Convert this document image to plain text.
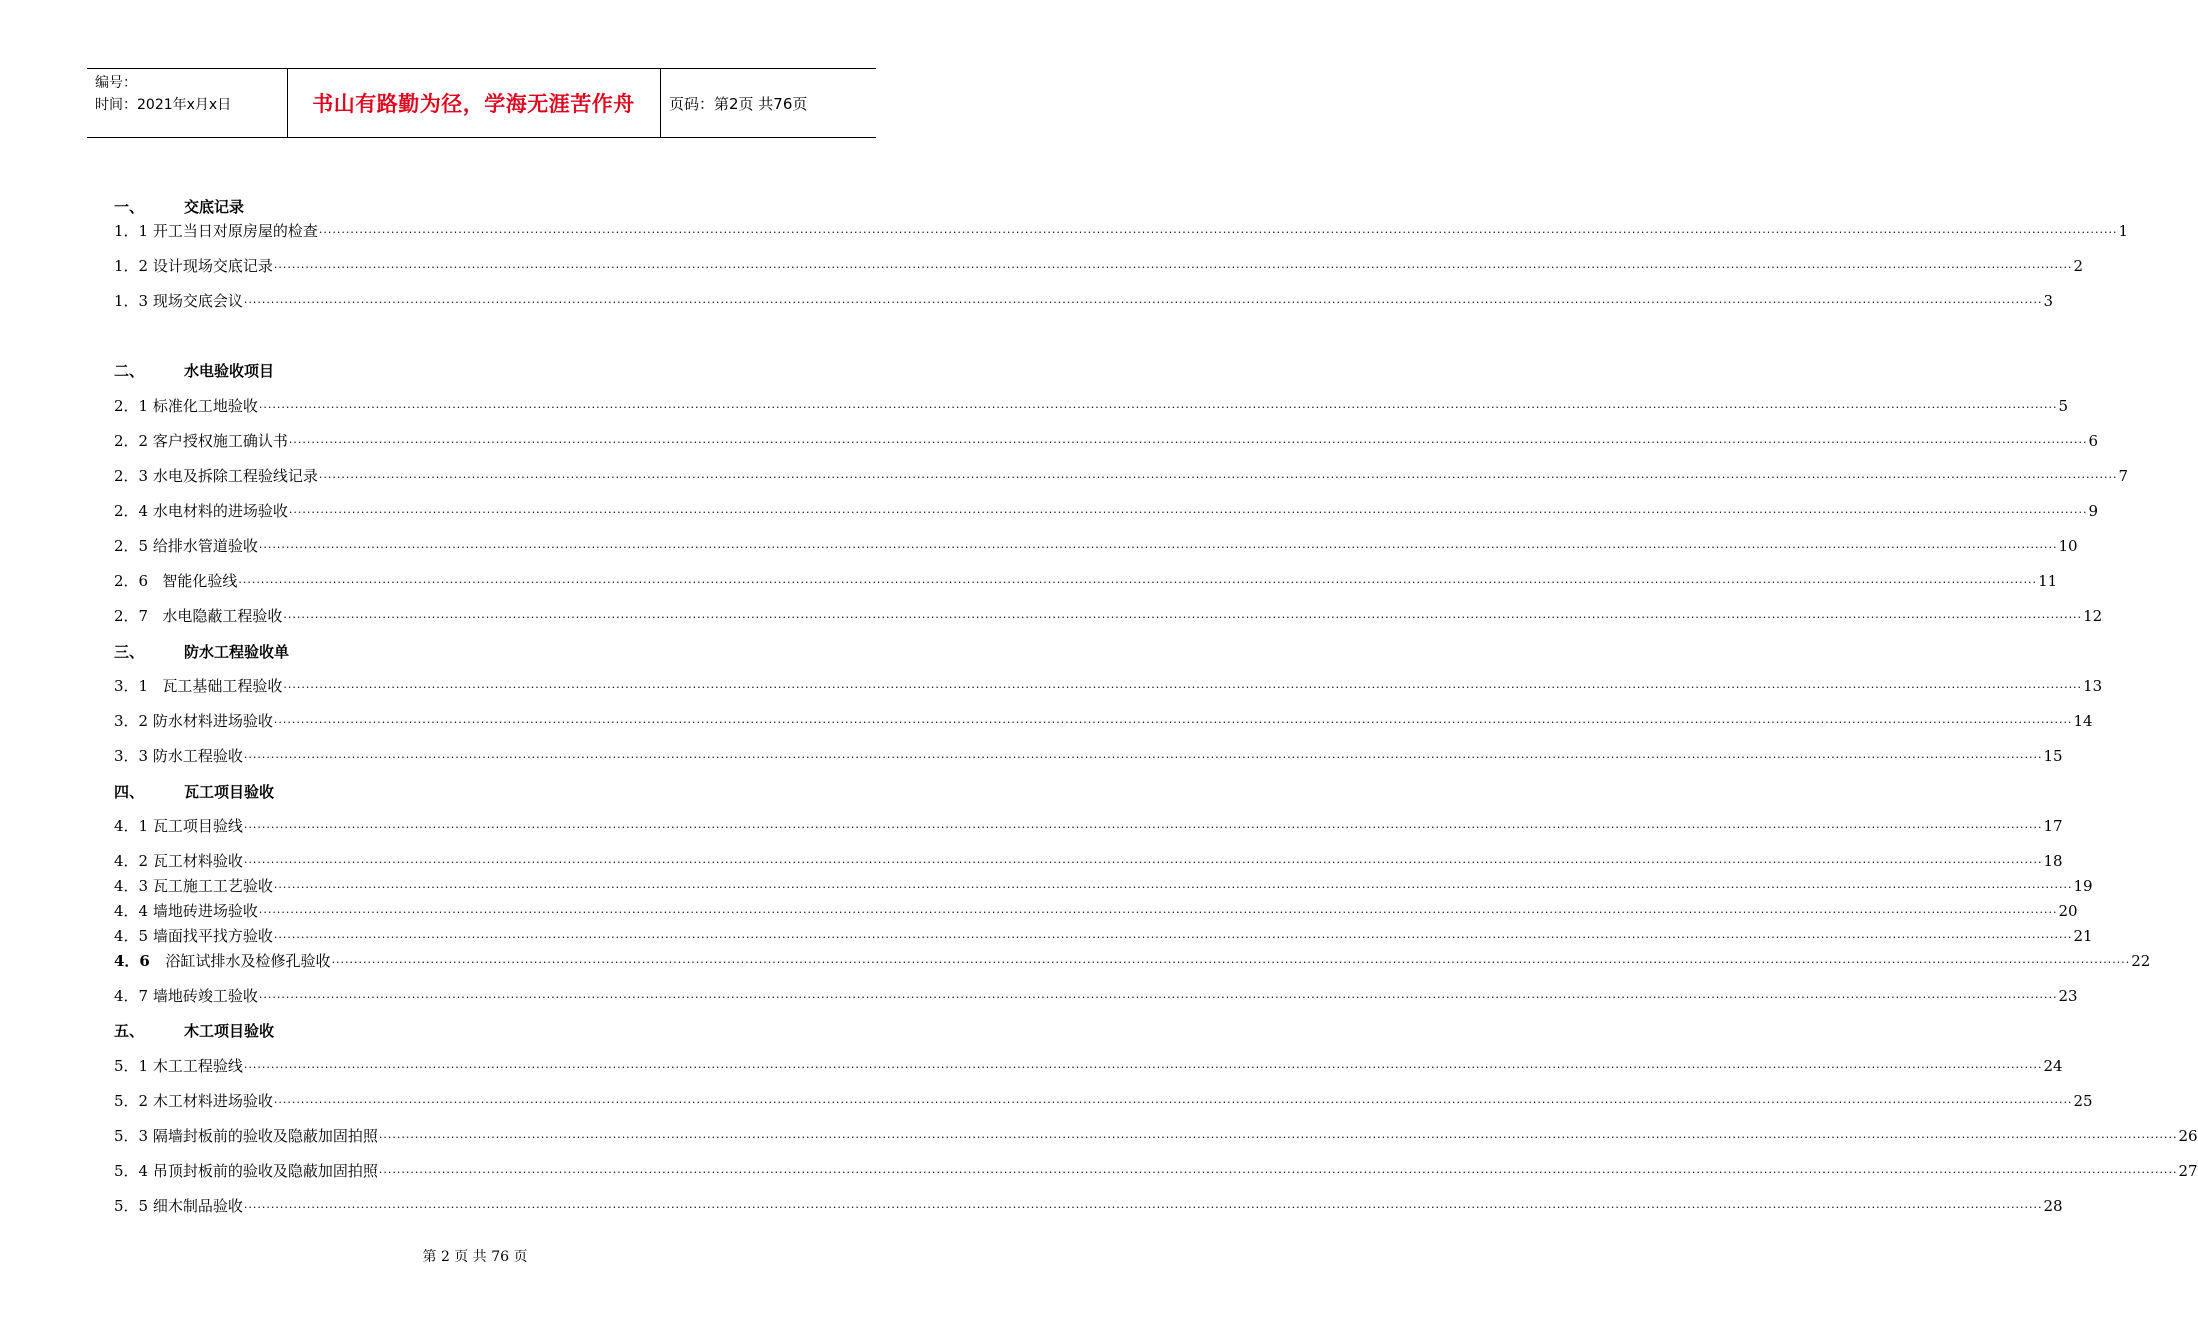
编号：
时间：2021年x月x日	书山有路勤为径，学海无涯苦作舟	页码：第2页 共76页
一、	交底记录
1．1 开工当日对原房屋的检查 ················································································································································································································································································································································································································ 1
1．2 设计现场交底记录 ················································································································································································································································································································································································································ 2
1．3 现场交底会议 ················································································································································································································································································································································································································ 3
二、	水电验收项目
2．1 标准化工地验收 ················································································································································································································································································································································································································ 5
2．2 客户授权施工确认书 ················································································································································································································································································································································································································ 6
2．3 水电及拆除工程验线记录 ················································································································································································································································································································································································································ 7
2．4 水电材料的进场验收 ················································································································································································································································································································································································································ 9
2．5 给排水管道验收 ················································································································································································································································································································································································································ 10
2．6 智能化验线 ················································································································································································································································································································································································································ 11
2．7 水电隐蔽工程验收 ················································································································································································································································································································································································································ 12
三、	防水工程验收单
3．1 瓦工基础工程验收 ················································································································································································································································································································································································································ 13
3．2 防水材料进场验收 ················································································································································································································································································································································································································ 14
3．3 防水工程验收 ················································································································································································································································································································································································································ 15
四、	瓦工项目验收
4．1 瓦工项目验线 ················································································································································································································································································································································································································ 17
4．2 瓦工材料验收 ················································································································································································································································································································································································································ 18
4．3 瓦工施工工艺验收 ················································································································································································································································································································································································································ 19
4．4 墙地砖进场验收 ················································································································································································································································································································································································································ 20
4．5 墙面找平找方验收 ················································································································································································································································································································································································································ 21
4．6 浴缸试排水及检修孔验收 ················································································································································································································································································································································································································ 22
4．7 墙地砖竣工验收 ················································································································································································································································································································································································································ 23
五、	木工项目验收
5．1 木工工程验线 ················································································································································································································································································································································································································ 24
5．2 木工材料进场验收 ················································································································································································································································································································································································································ 25
5．3 隔墙封板前的验收及隐蔽加固拍照 ················································································································································································································································································································································································································ 26
5．4 吊顶封板前的验收及隐蔽加固拍照 ················································································································································································································································································································································································································ 27
5．5 细木制品验收 ················································································································································································································································································································································································································ 28
第 2 页 共 76 页
